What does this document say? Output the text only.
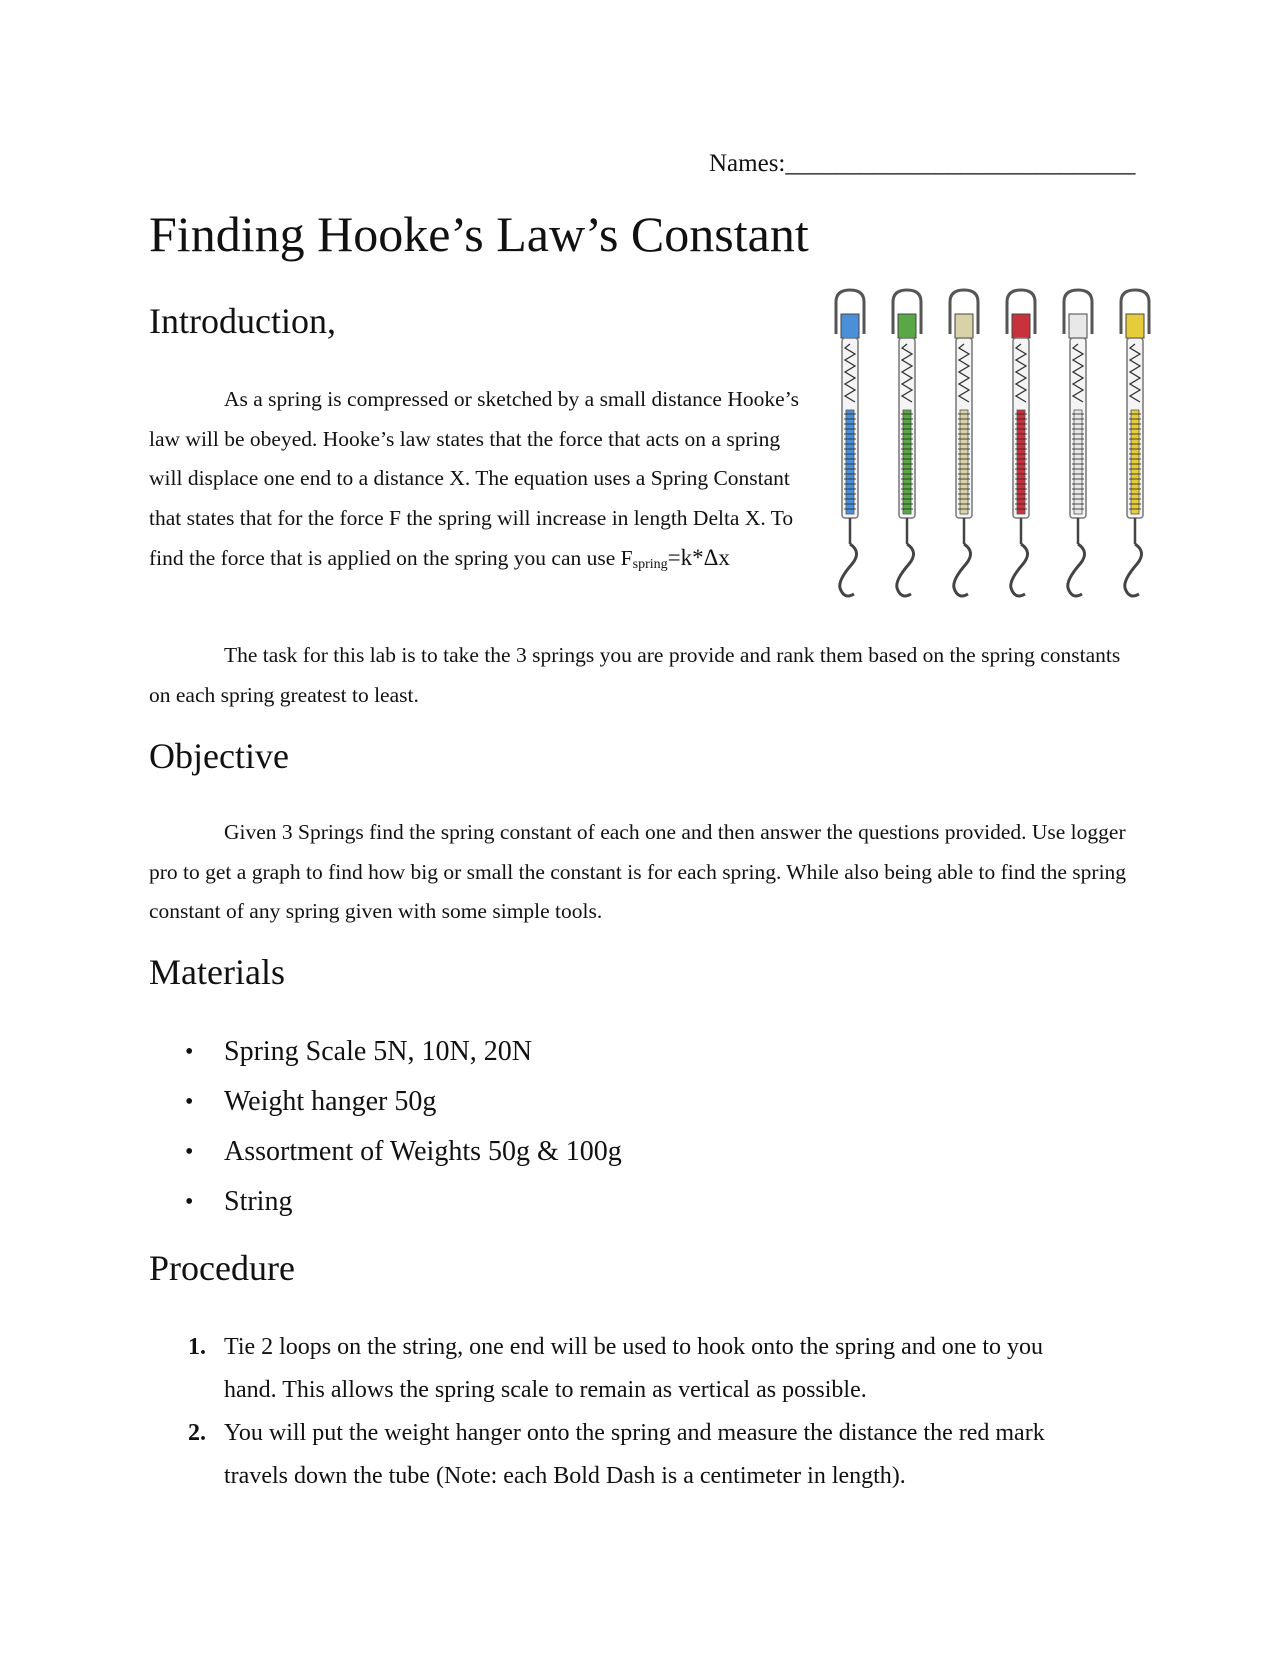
Names:____________________________
Finding Hooke’s Law’s Constant
Introduction,

As a spring is compressed or sketched by a small distance Hooke’s law will be obeyed. Hooke’s law states that the force that acts on a spring will displace one end to a distance X. The equation uses a Spring Constant that states that for the force F the spring will increase in length Delta X. To find the force that is applied on the spring you can use $F_{spring}=k*\Delta x$

The task for this lab is to take the 3 springs you are provide and rank them based on the spring constants on each spring greatest to least.

Objective

Given 3 Springs find the spring constant of each one and then answer the questions provided. Use logger pro to get a graph to find how big or small the constant is for each spring. While also being able to find the spring constant of any spring given with some simple tools.

Materials
• Spring Scale 5N, 10N, 20N
• Weight hanger 50g
• Assortment of Weights 50g & 100g
• String
Procedure
1. Tie 2 loops on the string, one end will be used to hook onto the spring and one to you hand. This allows the spring scale to remain as vertical as possible.
2. You will put the weight hanger onto the spring and measure the distance the red mark travels down the tube (Note: each Bold Dash is a centimeter in length).
